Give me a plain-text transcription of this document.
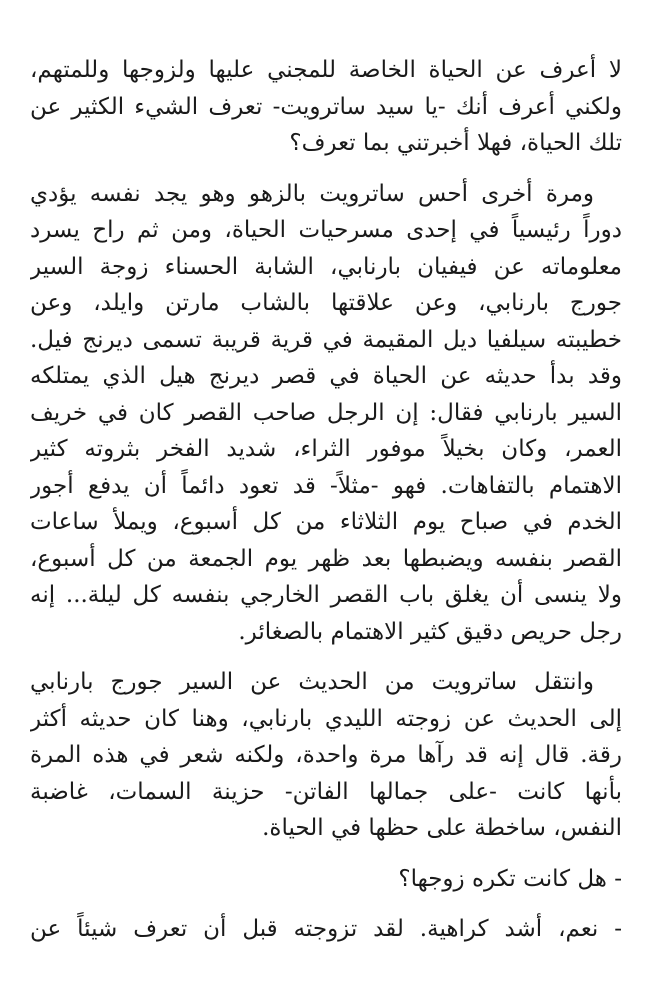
لا أعرف عن الحياة الخاصة للمجني عليها ولزوجها وللمتهم،
ولكني أعرف أنك -يا سيد ساترويت- تعرف الشيء الكثير عن
تلك الحياة، فهلا أخبرتني بما تعرف؟
ومرة أخرى أحس ساترويت بالزهو وهو يجد نفسه يؤدي
دوراً رئيسياً في إحدى مسرحيات الحياة، ومن ثم راح يسرد
معلوماته عن فيفيان بارنابي، الشابة الحسناء زوجة السير
جورج بارنابي، وعن علاقتها بالشاب مارتن وايلد، وعن
خطيبته سيلفيا ديل المقيمة في قرية قريبة تسمى ديرنج فيل.
وقد بدأ حديثه عن الحياة في قصر ديرنج هيل الذي يمتلكه
السير بارنابي فقال: إن الرجل صاحب القصر كان في خريف
العمر، وكان بخيلاً موفور الثراء، شديد الفخر بثروته كثير
الاهتمام بالتفاهات. فهو -مثلاً- قد تعود دائماً أن يدفع أجور
الخدم في صباح يوم الثلاثاء من كل أسبوع، ويملأ ساعات
القصر بنفسه ويضبطها بعد ظهر يوم الجمعة من كل أسبوع،
ولا ينسى أن يغلق باب القصر الخارجي بنفسه كل ليلة... إنه
رجل حريص دقيق كثير الاهتمام بالصغائر.
وانتقل ساترويت من الحديث عن السير جورج بارنابي
إلى الحديث عن زوجته الليدي بارنابي، وهنا كان حديثه أكثر
رقة. قال إنه قد رآها مرة واحدة، ولكنه شعر في هذه المرة
بأنها كانت -على جمالها الفاتن- حزينة السمات، غاضبة
النفس، ساخطة على حظها في الحياة.
- هل كانت تكره زوجها؟
- نعم، أشد كراهية. لقد تزوجته قبل أن تعرف شيئاً عن
